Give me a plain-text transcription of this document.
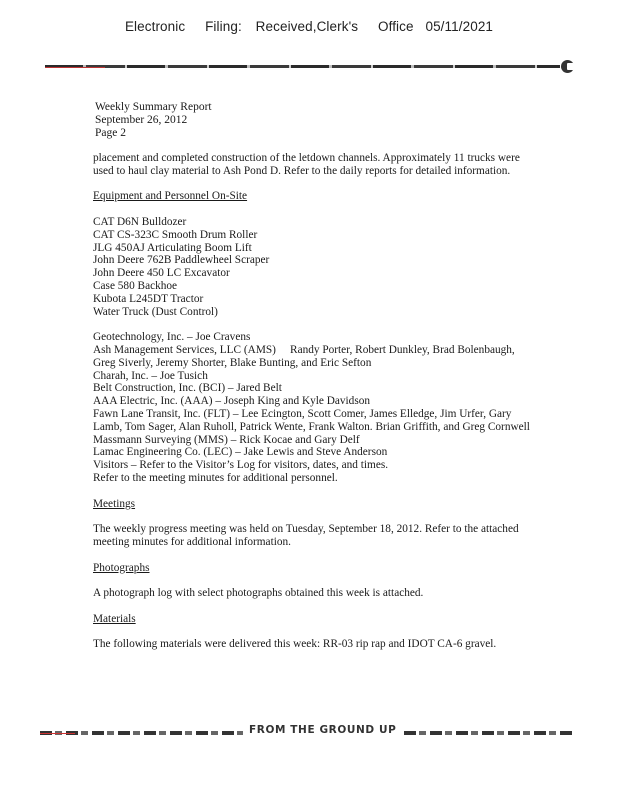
Electronic Filing: Received,Clerk's Office 05/11/2021
Weekly Summary Report
September 26, 2012
Page 2
placement and completed construction of the letdown channels. Approximately 11 trucks were
used to haul clay material to Ash Pond D. Refer to the daily reports for detailed information.
Equipment and Personnel On-Site
CAT D6N Bulldozer
CAT CS-323C Smooth Drum Roller
JLG 450AJ Articulating Boom Lift
John Deere 762B Paddlewheel Scraper
John Deere 450 LC Excavator
Case 580 Backhoe
Kubota L245DT Tractor
Water Truck (Dust Control)
Geotechnology, Inc. – Joe Cravens
Ash Management Services, LLC (AMS)     Randy Porter, Robert Dunkley, Brad Bolenbaugh,
Greg Siverly, Jeremy Shorter, Blake Bunting, and Eric Sefton
Charah, Inc. – Joe Tusich
Belt Construction, Inc. (BCI) – Jared Belt
AAA Electric, Inc. (AAA) – Joseph King and Kyle Davidson
Fawn Lane Transit, Inc. (FLT) – Lee Ecington, Scott Comer, James Elledge, Jim Urfer, Gary
Lamb, Tom Sager, Alan Ruholl, Patrick Wente, Frank Walton. Brian Griffith, and Greg Cornwell
Massmann Surveying (MMS) – Rick Kocae and Gary Delf
Lamac Engineering Co. (LEC) – Jake Lewis and Steve Anderson
Visitors – Refer to the Visitor’s Log for visitors, dates, and times.
Refer to the meeting minutes for additional personnel.
Meetings
The weekly progress meeting was held on Tuesday, September 18, 2012. Refer to the attached
meeting minutes for additional information.
Photographs
A photograph log with select photographs obtained this week is attached.
Materials
The following materials were delivered this week: RR-03 rip rap and IDOT CA-6 gravel.
FROM THE GROUND UP
